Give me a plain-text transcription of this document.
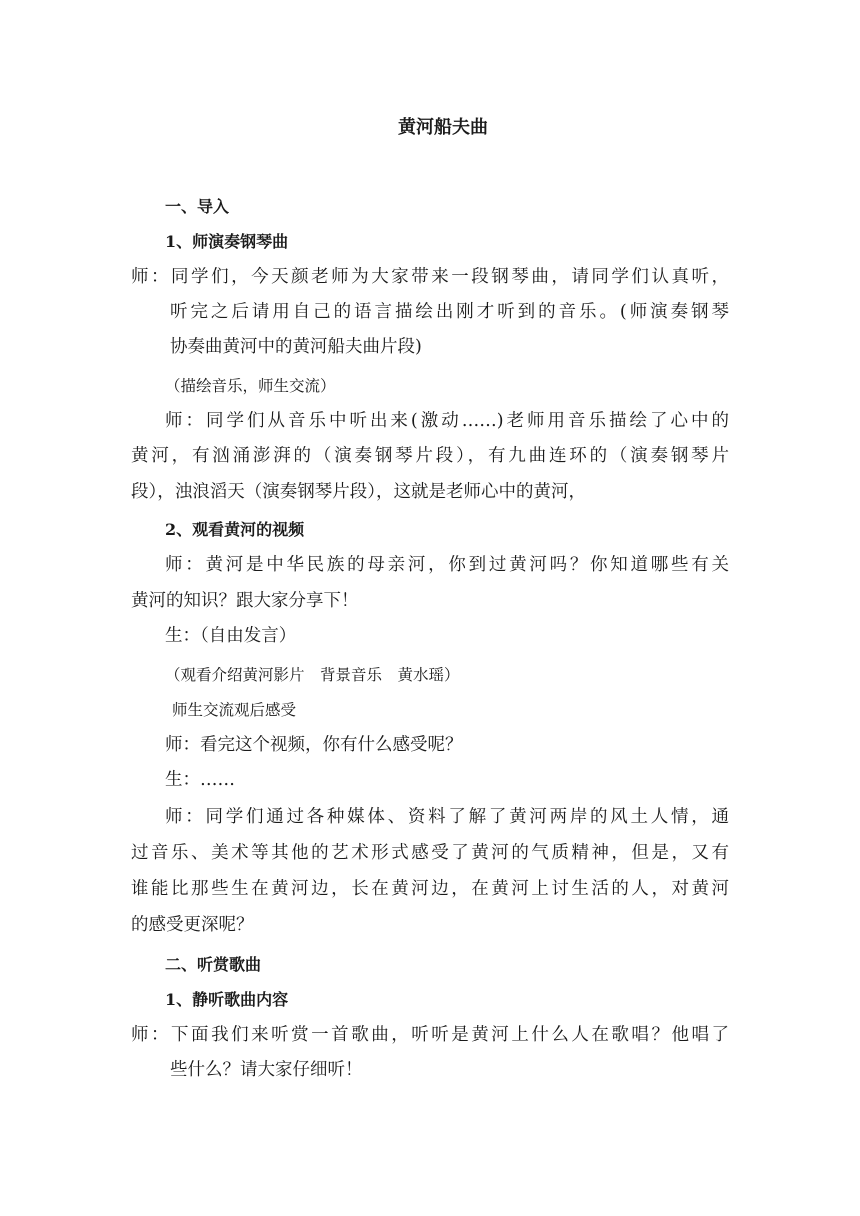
黄河船夫曲

一、导入

1、师演奏钢琴曲

师：同学们，今天颜老师为大家带来一段钢琴曲，请同学们认真听，

听完之后请用自己的语言描绘出刚才听到的音乐。(师演奏钢琴

协奏曲黄河中的黄河船夫曲片段)

（描绘音乐，师生交流）

师：同学们从音乐中听出来(激动……)老师用音乐描绘了心中的

黄河，有汹涌澎湃的（演奏钢琴片段），有九曲连环的（演奏钢琴片

段），浊浪滔天（演奏钢琴片段），这就是老师心中的黄河，

2、观看黄河的视频

师：黄河是中华民族的母亲河，你到过黄河吗？你知道哪些有关

黄河的知识？跟大家分享下！

生：（自由发言）

（观看介绍黄河影片　背景音乐　黄水瑶）

师生交流观后感受

师：看完这个视频，你有什么感受呢？

生：……

师：同学们通过各种媒体、资料了解了黄河两岸的风土人情，通

过音乐、美术等其他的艺术形式感受了黄河的气质精神，但是，又有

谁能比那些生在黄河边，长在黄河边，在黄河上讨生活的人，对黄河

的感受更深呢？

二、听赏歌曲

1、静听歌曲内容

师：下面我们来听赏一首歌曲，听听是黄河上什么人在歌唱？他唱了

些什么？请大家仔细听！
